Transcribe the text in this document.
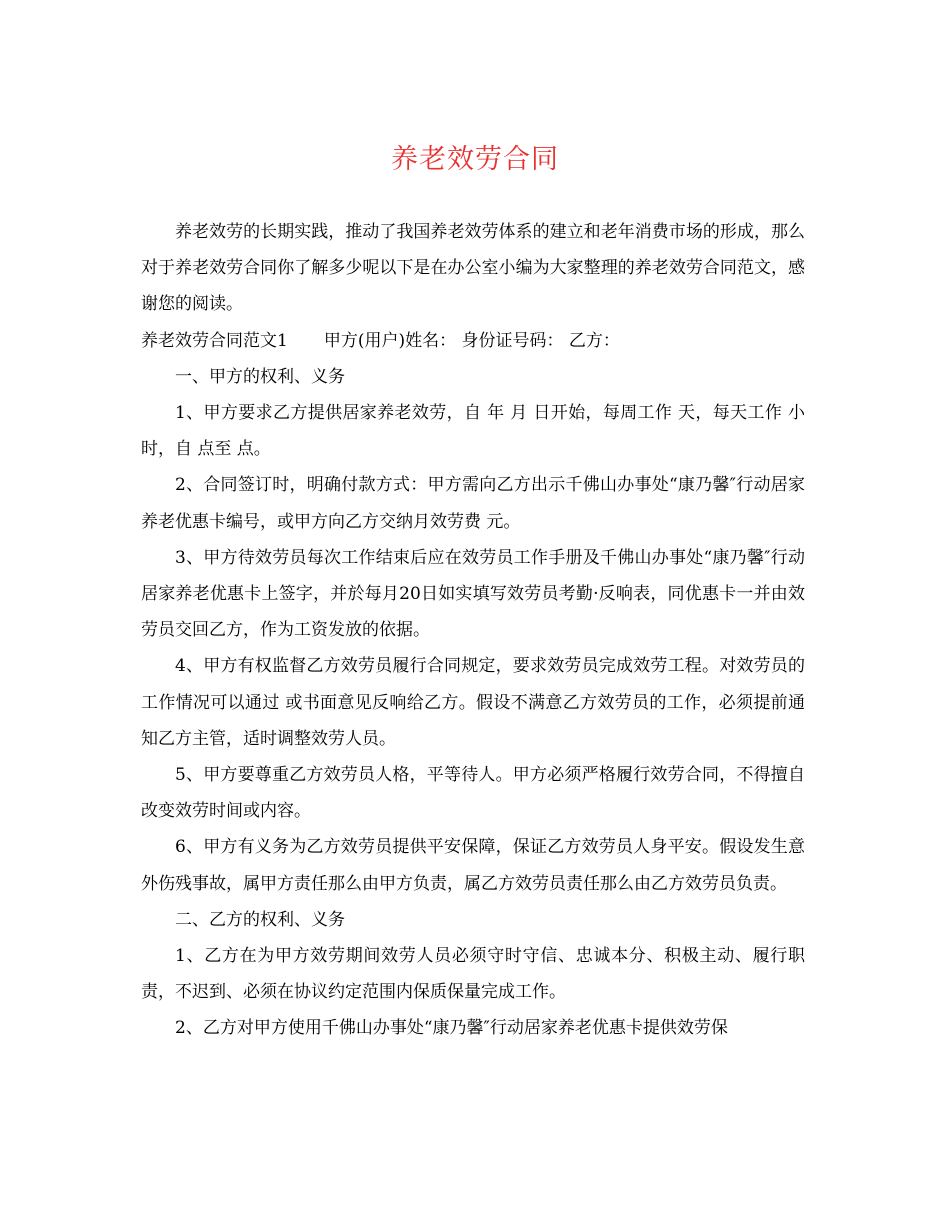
养老效劳合同

养老效劳的长期实践，推动了我国养老效劳体系的建立和老年消费市场的形成，那么对于养老效劳合同你了解多少呢以下是在办公室小编为大家整理的养老效劳合同范文，感谢您的阅读。

养老效劳合同范文1 甲方(用户)姓名： 身份证号码： 乙方：

一、甲方的权利、义务

1、甲方要求乙方提供居家养老效劳，自 年 月 日开始，每周工作 天，每天工作 小时，自 点至 点。

2、合同签订时，明确付款方式：甲方需向乙方出示千佛山办事处“康乃馨″行动居家养老优惠卡编号，或甲方向乙方交纳月效劳费 元。

3、甲方待效劳员每次工作结束后应在效劳员工作手册及千佛山办事处“康乃馨″行动居家养老优惠卡上签字，并於每月20日如实填写效劳员考勤·反响表，同优惠卡一并由效劳员交回乙方，作为工资发放的依据。

4、甲方有权监督乙方效劳员履行合同规定，要求效劳员完成效劳工程。对效劳员的工作情况可以通过 或书面意见反响给乙方。假设不满意乙方效劳员的工作，必须提前通知乙方主管，适时调整效劳人员。

5、甲方要尊重乙方效劳员人格，平等待人。甲方必须严格履行效劳合同，不得擅自改变效劳时间或内容。

6、甲方有义务为乙方效劳员提供平安保障，保证乙方效劳员人身平安。假设发生意外伤残事故，属甲方责任那么由甲方负责，属乙方效劳员责任那么由乙方效劳员负责。

二、乙方的权利、义务

1、乙方在为甲方效劳期间效劳人员必须守时守信、忠诚本分、积极主动、履行职责，不迟到、必须在协议约定范围内保质保量完成工作。

2、乙方对甲方使用千佛山办事处“康乃馨″行动居家养老优惠卡提供效劳保
